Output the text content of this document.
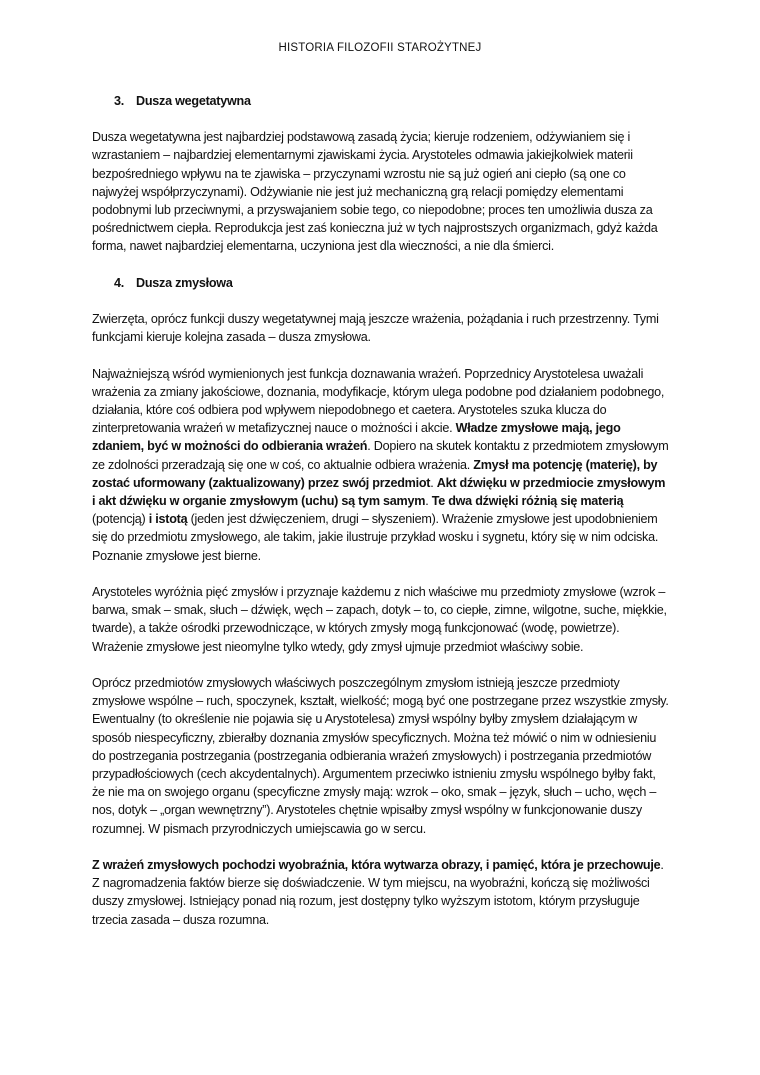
HISTORIA FILOZOFII STAROŻYTNEJ
3. Dusza wegetatywna

Dusza wegetatywna jest najbardziej podstawową zasadą życia; kieruje rodzeniem, odżywianiem się i wzrastaniem – najbardziej elementarnymi zjawiskami życia. Arystoteles odmawia jakiejkolwiek materii bezpośredniego wpływu na te zjawiska – przyczynami wzrostu nie są już ogień ani ciepło (są one co najwyżej współprzyczynami). Odżywianie nie jest już mechaniczną grą relacji pomiędzy elementami podobnymi lub przeciwnymi, a przyswajaniem sobie tego, co niepodobne; proces ten umożliwia dusza za pośrednictwem ciepła. Reprodukcja jest zaś konieczna już w tych najprostszych organizmach, gdyż każda forma, nawet najbardziej elementarna, uczyniona jest dla wieczności, a nie dla śmierci.

4. Dusza zmysłowa

Zwierzęta, oprócz funkcji duszy wegetatywnej mają jeszcze wrażenia, pożądania i ruch przestrzenny. Tymi funkcjami kieruje kolejna zasada – dusza zmysłowa.

Najważniejszą wśród wymienionych jest funkcja doznawania wrażeń. Poprzednicy Arystotelesa uważali wrażenia za zmiany jakościowe, doznania, modyfikacje, którym ulega podobne pod działaniem podobnego, działania, które coś odbiera pod wpływem niepodobnego et caetera. Arystoteles szuka klucza do zinterpretowania wrażeń w metafizycznej nauce o możności i akcie. Władze zmysłowe mają, jego zdaniem, być w możności do odbierania wrażeń. Dopiero na skutek kontaktu z przedmiotem zmysłowym ze zdolności przeradzają się one w coś, co aktualnie odbiera wrażenia. Zmysł ma potencję (materię), by zostać uformowany (zaktualizowany) przez swój przedmiot. Akt dźwięku w przedmiocie zmysłowym i akt dźwięku w organie zmysłowym (uchu) są tym samym. Te dwa dźwięki różnią się materią (potencją) i istotą (jeden jest dźwięczeniem, drugi – słyszeniem). Wrażenie zmysłowe jest upodobnieniem się do przedmiotu zmysłowego, ale takim, jakie ilustruje przykład wosku i sygnetu, który się w nim odciska. Poznanie zmysłowe jest bierne.

Arystoteles wyróżnia pięć zmysłów i przyznaje każdemu z nich właściwe mu przedmioty zmysłowe (wzrok – barwa, smak – smak, słuch – dźwięk, węch – zapach, dotyk – to, co ciepłe, zimne, wilgotne, suche, miękkie, twarde), a także ośrodki przewodniczące, w których zmysły mogą funkcjonować (wodę, powietrze). Wrażenie zmysłowe jest nieomylne tylko wtedy, gdy zmysł ujmuje przedmiot właściwy sobie.

Oprócz przedmiotów zmysłowych właściwych poszczególnym zmysłom istnieją jeszcze przedmioty zmysłowe wspólne – ruch, spoczynek, kształt, wielkość; mogą być one postrzegane przez wszystkie zmysły. Ewentualny (to określenie nie pojawia się u Arystotelesa) zmysł wspólny byłby zmysłem działającym w sposób niespecyficzny, zbierałby doznania zmysłów specyficznych. Można też mówić o nim w odniesieniu do postrzegania postrzegania (postrzegania odbierania wrażeń zmysłowych) i postrzegania przedmiotów przypadłościowych (cech akcydentalnych). Argumentem przeciwko istnieniu zmysłu wspólnego byłby fakt, że nie ma on swojego organu (specyficzne zmysły mają: wzrok – oko, smak – język, słuch – ucho, węch – nos, dotyk – „organ wewnętrzny”). Arystoteles chętnie wpisałby zmysł wspólny w funkcjonowanie duszy rozumnej. W pismach przyrodniczych umiejscawia go w sercu.

Z wrażeń zmysłowych pochodzi wyobraźnia, która wytwarza obrazy, i pamięć, która je przechowuje. Z nagromadzenia faktów bierze się doświadczenie. W tym miejscu, na wyobraźni, kończą się możliwości duszy zmysłowej. Istniejący ponad nią rozum, jest dostępny tylko wyższym istotom, którym przysługuje trzecia zasada – dusza rozumna.
